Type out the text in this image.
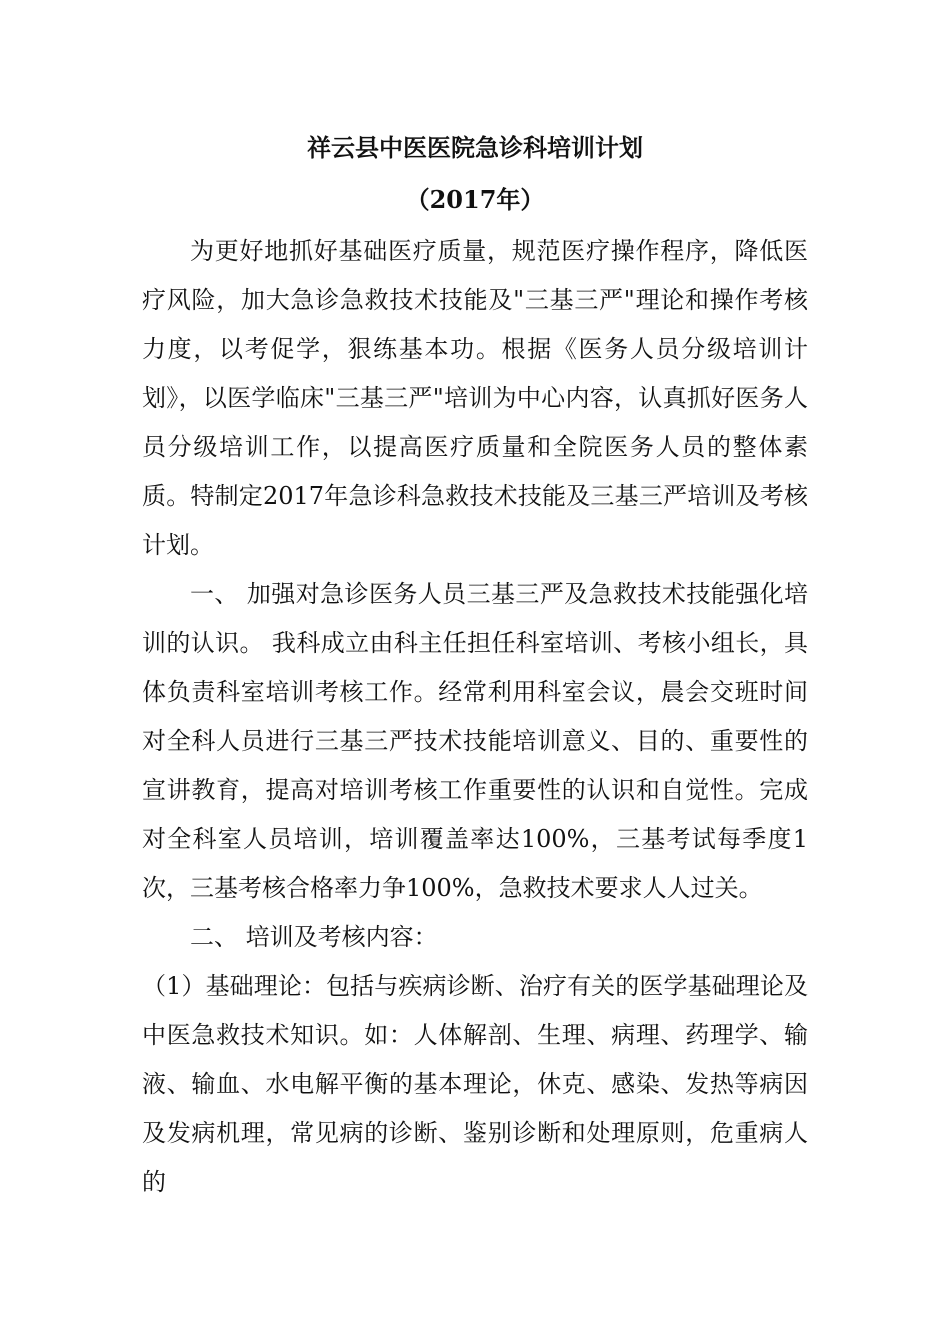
祥云县中医医院急诊科培训计划
（2017年）

为更好地抓好基础医疗质量，规范医疗操作程序，降低医疗风险，加大急诊急救技术技能及"三基三严"理论和操作考核力度，以考促学，狠练基本功。根据《医务人员分级培训计划》，以医学临床"三基三严"培训为中心内容，认真抓好医务人员分级培训工作，以提高医疗质量和全院医务人员的整体素质。特制定2017年急诊科急救技术技能及三基三严培训及考核计划。

一、 加强对急诊医务人员三基三严及急救技术技能强化培训的认识。 我科成立由科主任担任科室培训、考核小组长，具体负责科室培训考核工作。经常利用科室会议，晨会交班时间对全科人员进行三基三严技术技能培训意义、目的、重要性的宣讲教育，提高对培训考核工作重要性的认识和自觉性。完成对全科室人员培训，培训覆盖率达100%，三基考试每季度1次，三基考核合格率力争100%，急救技术要求人人过关。

二、 培训及考核内容：

（1）基础理论：包括与疾病诊断、治疗有关的医学基础理论及中医急救技术知识。如：人体解剖、生理、病理、药理学、输液、输血、水电解平衡的基本理论，休克、感染、发热等病因及发病机理，常见病的诊断、鉴别诊断和处理原则，危重病人的
